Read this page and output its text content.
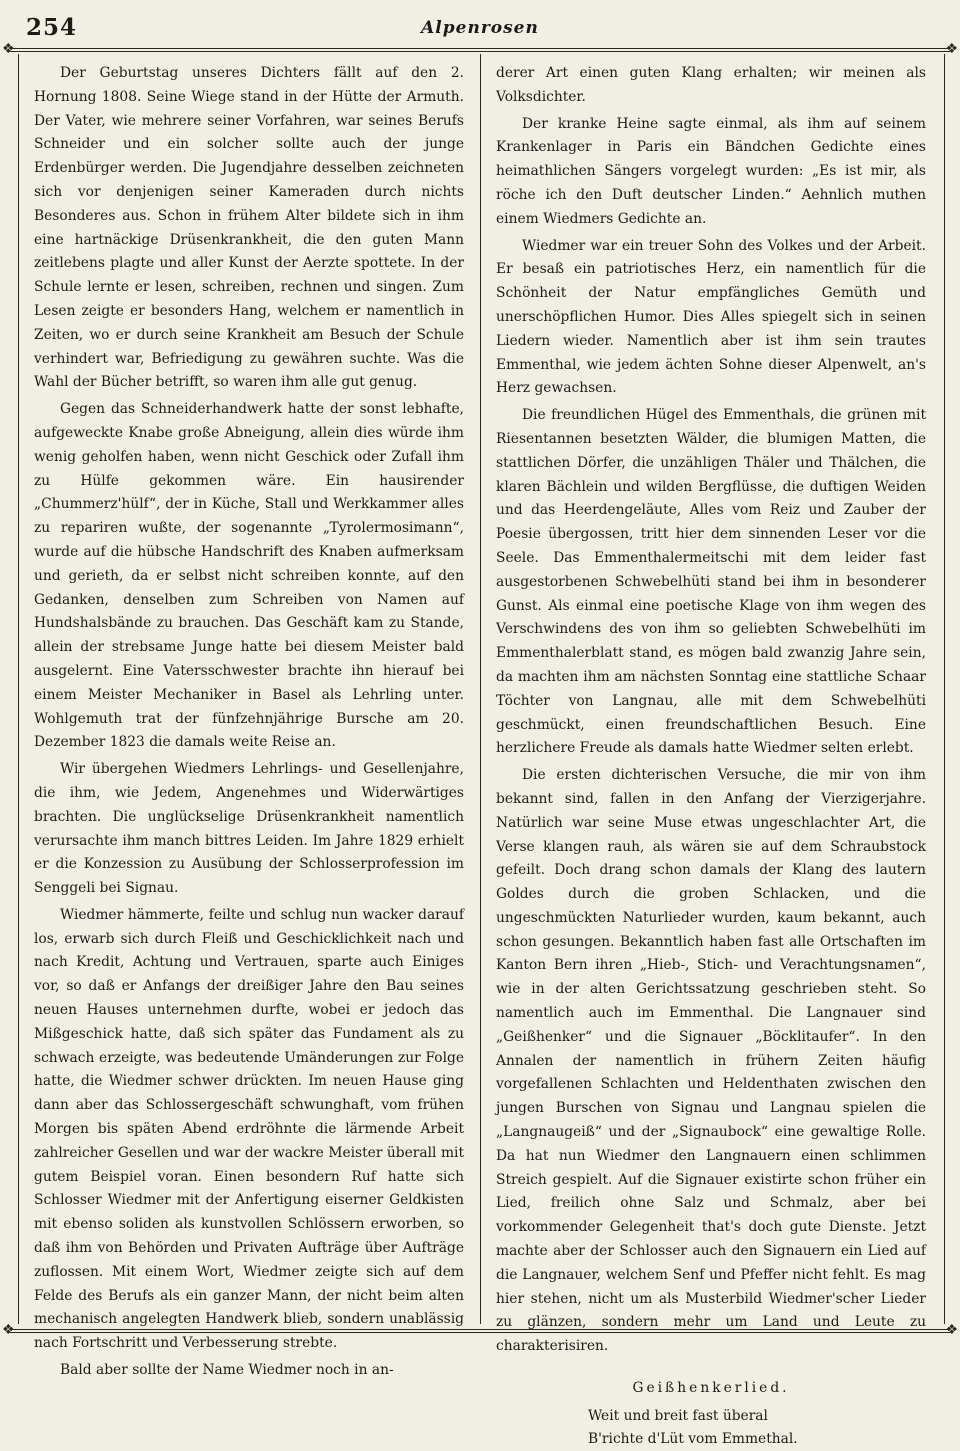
254	Alpenrosen
❖	❖
❖	❖

Der Geburtstag unseres Dichters fällt auf den 2. Hornung 1808. Seine Wiege stand in der Hütte der Armuth. Der Vater, wie mehrere seiner Vorfahren, war seines Berufs Schneider und ein solcher sollte auch der junge Erdenbürger werden. Die Jugendjahre desselben zeichneten sich vor denjenigen seiner Kameraden durch nichts Besonderes aus. Schon in frühem Alter bildete sich in ihm eine hartnäckige Drüsenkrankheit, die den guten Mann zeitlebens plagte und aller Kunst der Aerzte spottete. In der Schule lernte er lesen, schreiben, rechnen und singen. Zum Lesen zeigte er besonders Hang, welchem er namentlich in Zeiten, wo er durch seine Krankheit am Besuch der Schule verhindert war, Befriedigung zu gewähren suchte. Was die Wahl der Bücher betrifft, so waren ihm alle gut genug.

Gegen das Schneiderhandwerk hatte der sonst lebhafte, aufgeweckte Knabe große Abneigung, allein dies würde ihm wenig geholfen haben, wenn nicht Geschick oder Zufall ihm zu Hülfe gekommen wäre. Ein hausirender „Chummerz'hülf“, der in Küche, Stall und Werkkammer alles zu repariren wußte, der sogenannte „Tyrolermosimann“, wurde auf die hübsche Handschrift des Knaben aufmerksam und gerieth, da er selbst nicht schreiben konnte, auf den Gedanken, denselben zum Schreiben von Namen auf Hundshalsbände zu brauchen. Das Geschäft kam zu Stande, allein der strebsame Junge hatte bei diesem Meister bald ausgelernt. Eine Vatersschwester brachte ihn hierauf bei einem Meister Mechaniker in Basel als Lehrling unter. Wohlgemuth trat der fünfzehnjährige Bursche am 20. Dezember 1823 die damals weite Reise an.

Wir übergehen Wiedmers Lehrlings- und Gesellenjahre, die ihm, wie Jedem, Angenehmes und Widerwärtiges brachten. Die unglückselige Drüsenkrankheit namentlich verursachte ihm manch bittres Leiden. Im Jahre 1829 erhielt er die Konzession zu Ausübung der Schlosserprofession im Senggeli bei Signau.

Wiedmer hämmerte, feilte und schlug nun wacker darauf los, erwarb sich durch Fleiß und Geschicklichkeit nach und nach Kredit, Achtung und Vertrauen, sparte auch Einiges vor, so daß er Anfangs der dreißiger Jahre den Bau seines neuen Hauses unternehmen durfte, wobei er jedoch das Mißgeschick hatte, daß sich später das Fundament als zu schwach erzeigte, was bedeutende Umänderungen zur Folge hatte, die Wiedmer schwer drückten. Im neuen Hause ging dann aber das Schlossergeschäft schwunghaft, vom frühen Morgen bis späten Abend erdröhnte die lärmende Arbeit zahlreicher Gesellen und war der wackre Meister überall mit gutem Beispiel voran. Einen besondern Ruf hatte sich Schlosser Wiedmer mit der Anfertigung eiserner Geldkisten mit ebenso soliden als kunstvollen Schlössern erworben, so daß ihm von Behörden und Privaten Aufträge über Aufträge zuflossen. Mit einem Wort, Wiedmer zeigte sich auf dem Felde des Berufs als ein ganzer Mann, der nicht beim alten mechanisch angelegten Handwerk blieb, sondern unablässig nach Fortschritt und Verbesserung strebte.

Bald aber sollte der Name Wiedmer noch in an-

derer Art einen guten Klang erhalten; wir meinen als Volksdichter.

Der kranke Heine sagte einmal, als ihm auf seinem Krankenlager in Paris ein Bändchen Gedichte eines heimathlichen Sängers vorgelegt wurden: „Es ist mir, als röche ich den Duft deutscher Linden.“ Aehnlich muthen einem Wiedmers Gedichte an.

Wiedmer war ein treuer Sohn des Volkes und der Arbeit. Er besaß ein patriotisches Herz, ein namentlich für die Schönheit der Natur empfängliches Gemüth und unerschöpflichen Humor. Dies Alles spiegelt sich in seinen Liedern wieder. Namentlich aber ist ihm sein trautes Emmenthal, wie jedem ächten Sohne dieser Alpenwelt, an's Herz gewachsen.

Die freundlichen Hügel des Emmenthals, die grünen mit Riesentannen besetzten Wälder, die blumigen Matten, die stattlichen Dörfer, die unzähligen Thäler und Thälchen, die klaren Bächlein und wilden Bergflüsse, die duftigen Weiden und das Heerdengeläute, Alles vom Reiz und Zauber der Poesie übergossen, tritt hier dem sinnenden Leser vor die Seele. Das Emmenthalermeitschi mit dem leider fast ausgestorbenen Schwebelhüti stand bei ihm in besonderer Gunst. Als einmal eine poetische Klage von ihm wegen des Verschwindens des von ihm so geliebten Schwebelhüti im Emmenthalerblatt stand, es mögen bald zwanzig Jahre sein, da machten ihm am nächsten Sonntag eine stattliche Schaar Töchter von Langnau, alle mit dem Schwebelhüti geschmückt, einen freundschaftlichen Besuch. Eine herzlichere Freude als damals hatte Wiedmer selten erlebt.

Die ersten dichterischen Versuche, die mir von ihm bekannt sind, fallen in den Anfang der Vierzigerjahre. Natürlich war seine Muse etwas ungeschlachter Art, die Verse klangen rauh, als wären sie auf dem Schraubstock gefeilt. Doch drang schon damals der Klang des lautern Goldes durch die groben Schlacken, und die ungeschmückten Naturlieder wurden, kaum bekannt, auch schon gesungen. Bekanntlich haben fast alle Ortschaften im Kanton Bern ihren „Hieb-, Stich- und Verachtungsnamen“, wie in der alten Gerichtssatzung geschrieben steht. So namentlich auch im Emmenthal. Die Langnauer sind „Geißhenker“ und die Signauer „Böcklitaufer“. In den Annalen der namentlich in frühern Zeiten häufig vorgefallenen Schlachten und Heldenthaten zwischen den jungen Burschen von Signau und Langnau spielen die „Langnaugeiß“ und der „Signaubock“ eine gewaltige Rolle. Da hat nun Wiedmer den Langnauern einen schlimmen Streich gespielt. Auf die Signauer existirte schon früher ein Lied, freilich ohne Salz und Schmalz, aber bei vorkommender Gelegenheit that's doch gute Dienste. Jetzt machte aber der Schlosser auch den Signauern ein Lied auf die Langnauer, welchem Senf und Pfeffer nicht fehlt. Es mag hier stehen, nicht um als Musterbild Wiedmer'scher Lieder zu glänzen, sondern mehr um Land und Leute zu charakterisiren.

Geißhenkerlied.
Weit und breit fast überal
B'richte d'Lüt vom Emmethal.
